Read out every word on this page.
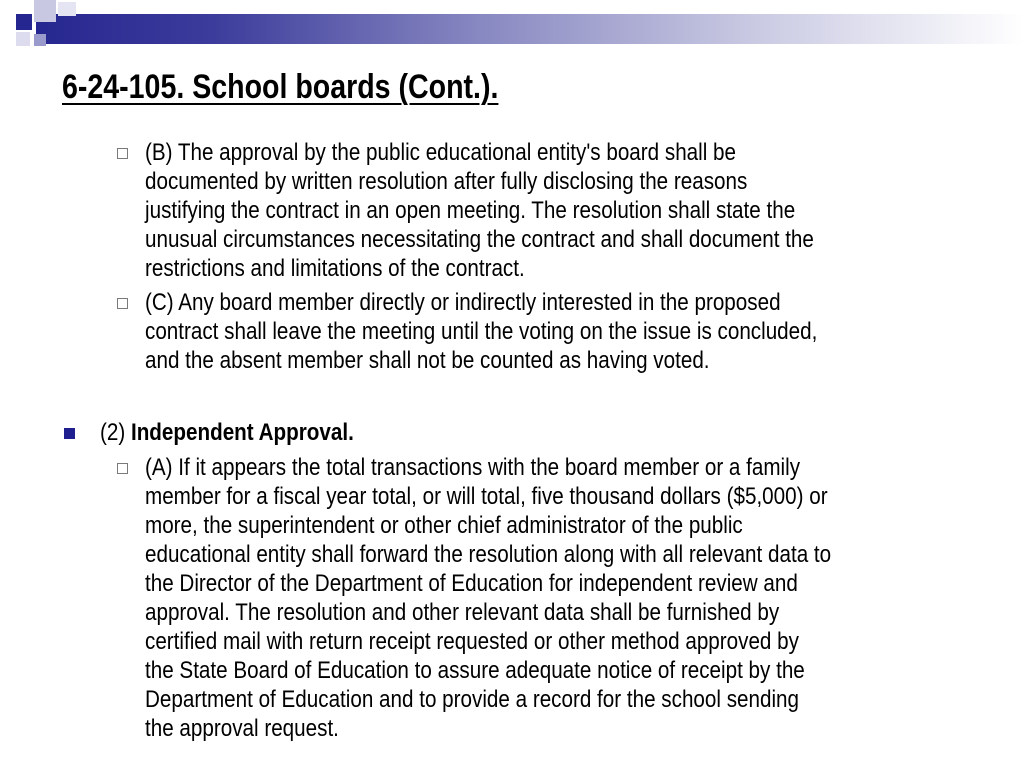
6-24-105. School boards (Cont.).
(B) The approval by the public educational entity's board shall be
documented by written resolution after fully disclosing the reasons
justifying the contract in an open meeting. The resolution shall state the
unusual circumstances necessitating the contract and shall document the
restrictions and limitations of the contract.
(C) Any board member directly or indirectly interested in the proposed
contract shall leave the meeting until the voting on the issue is concluded,
and the absent member shall not be counted as having voted.
(2) Independent Approval.
(A) If it appears the total transactions with the board member or a family
member for a fiscal year total, or will total, five thousand dollars ($5,000) or
more, the superintendent or other chief administrator of the public
educational entity shall forward the resolution along with all relevant data to
the Director of the Department of Education for independent review and
approval. The resolution and other relevant data shall be furnished by
certified mail with return receipt requested or other method approved by
the State Board of Education to assure adequate notice of receipt by the
Department of Education and to provide a record for the school sending
the approval request.
